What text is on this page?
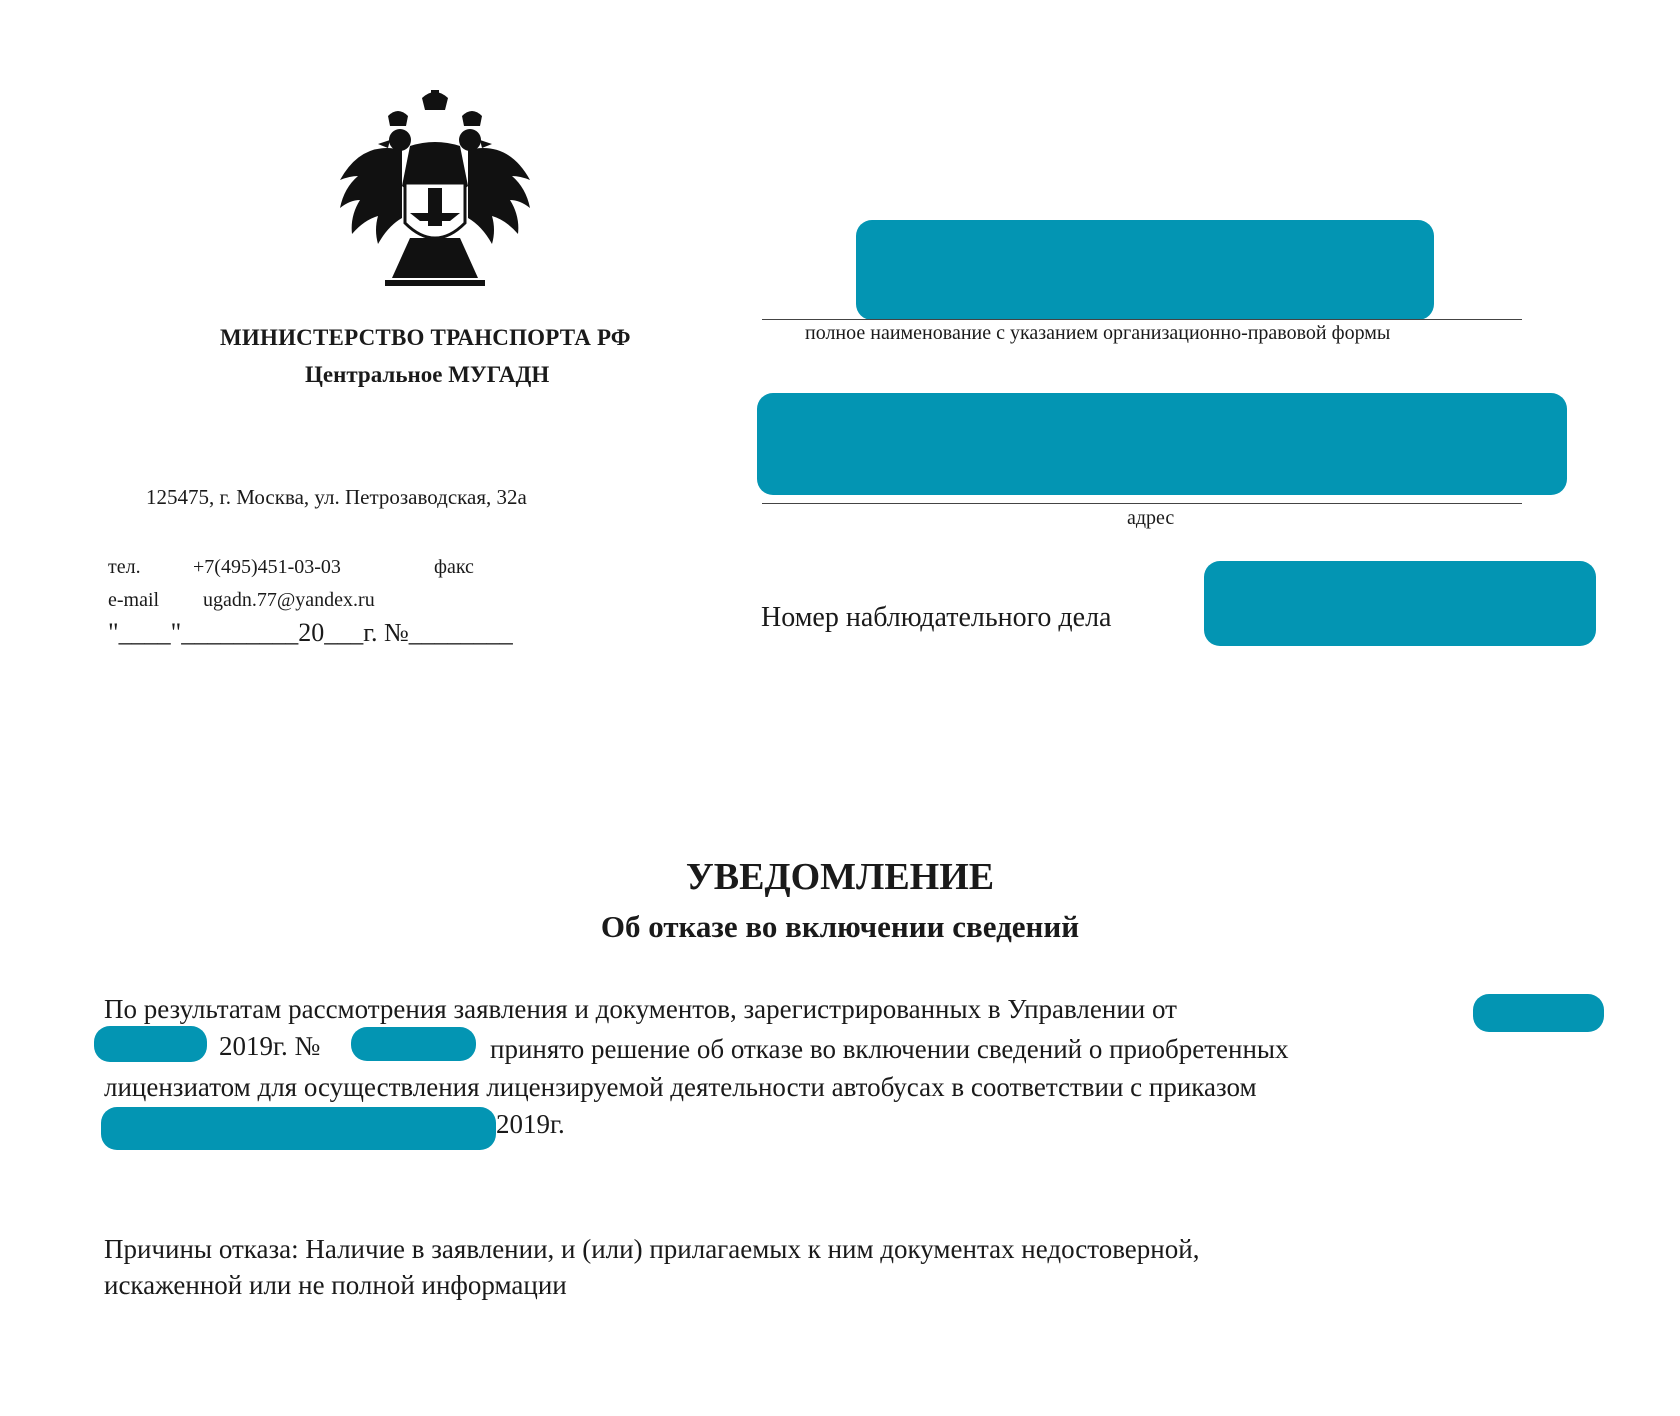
МИНИСТЕРСТВО ТРАНСПОРТА РФ
Центральное МУГАДН
125475, г. Москва, ул. Петрозаводская, 32а
тел.	+7(495)451-03-03	факс
e-mail ugadn.77@yandex.ru
"____"_________20___г. №________
полное наименование с указанием организационно-правовой формы
адрес
Номер наблюдательного дела
УВЕДОМЛЕНИЕ
Об отказе во включении сведений
По результатам рассмотрения заявления и документов, зарегистрированных в Управлении от
2019г. №	принято решение об отказе во включении сведений о приобретенных
лицензиатом для осуществления лицензируемой деятельности автобусах в соответствии с приказом
2019г.
Причины отказа: Наличие в заявлении, и (или) прилагаемых к ним документах недостоверной,
искаженной или не полной информации
